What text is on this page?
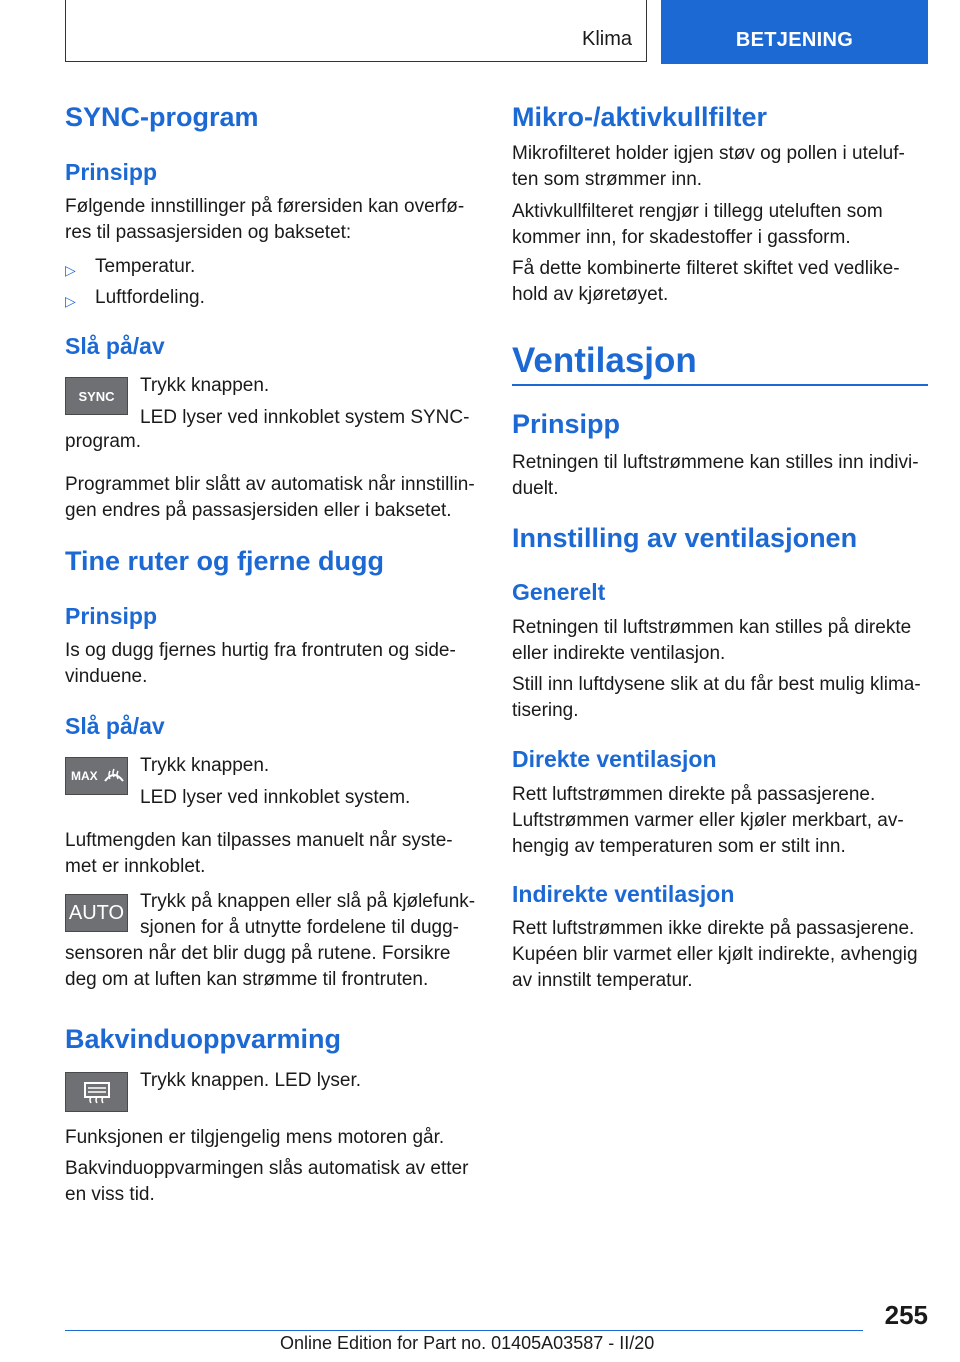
Klima	BETJENING
SYNC-program
Prinsipp

Følgende innstillinger på førersiden kan overfø-

res til passasjersiden og baksetet:

▷ Temperatur.
▷ Luftfordeling.
Slå på/av
SYNC Trykk knappen.

LED lyser ved innkoblet system SYNC-

program.

Programmet blir slått av automatisk når innstillin-

gen endres på passasjersiden eller i baksetet.

Tine ruter og fjerne dugg
Prinsipp

Is og dugg fjernes hurtig fra frontruten og side-

vinduene.

Slå på/av
MAX Trykk knappen.

LED lyser ved innkoblet system.

Luftmengden kan tilpasses manuelt når syste-

met er innkoblet.

AUTO Trykk på knappen eller slå på kjølefunk-

sjonen for å utnytte fordelene til dugg-

sensoren når det blir dugg på rutene. Forsikre

deg om at luften kan strømme til frontruten.

Bakvinduoppvarming

Trykk knappen. LED lyser.

Funksjonen er tilgjengelig mens motoren går.

Bakvinduoppvarmingen slås automatisk av etter

en viss tid.

Mikro-/aktivkullfilter

Mikrofilteret holder igjen støv og pollen i uteluf-

ten som strømmer inn.

Aktivkullfilteret rengjør i tillegg uteluften som

kommer inn, for skadestoffer i gassform.

Få dette kombinerte filteret skiftet ved vedlike-

hold av kjøretøyet.

Ventilasjon
Prinsipp

Retningen til luftstrømmene kan stilles inn indivi-

duelt.

Innstilling av ventilasjonen
Generelt

Retningen til luftstrømmen kan stilles på direkte

eller indirekte ventilasjon.

Still inn luftdysene slik at du får best mulig klima-

tisering.

Direkte ventilasjon

Rett luftstrømmen direkte på passasjerene.

Luftstrømmen varmer eller kjøler merkbart, av-

hengig av temperaturen som er stilt inn.

Indirekte ventilasjon

Rett luftstrømmen ikke direkte på passasjerene.

Kupéen blir varmet eller kjølt indirekte, avhengig

av innstilt temperatur.

255
Online Edition for Part no. 01405A03587 - II/20
